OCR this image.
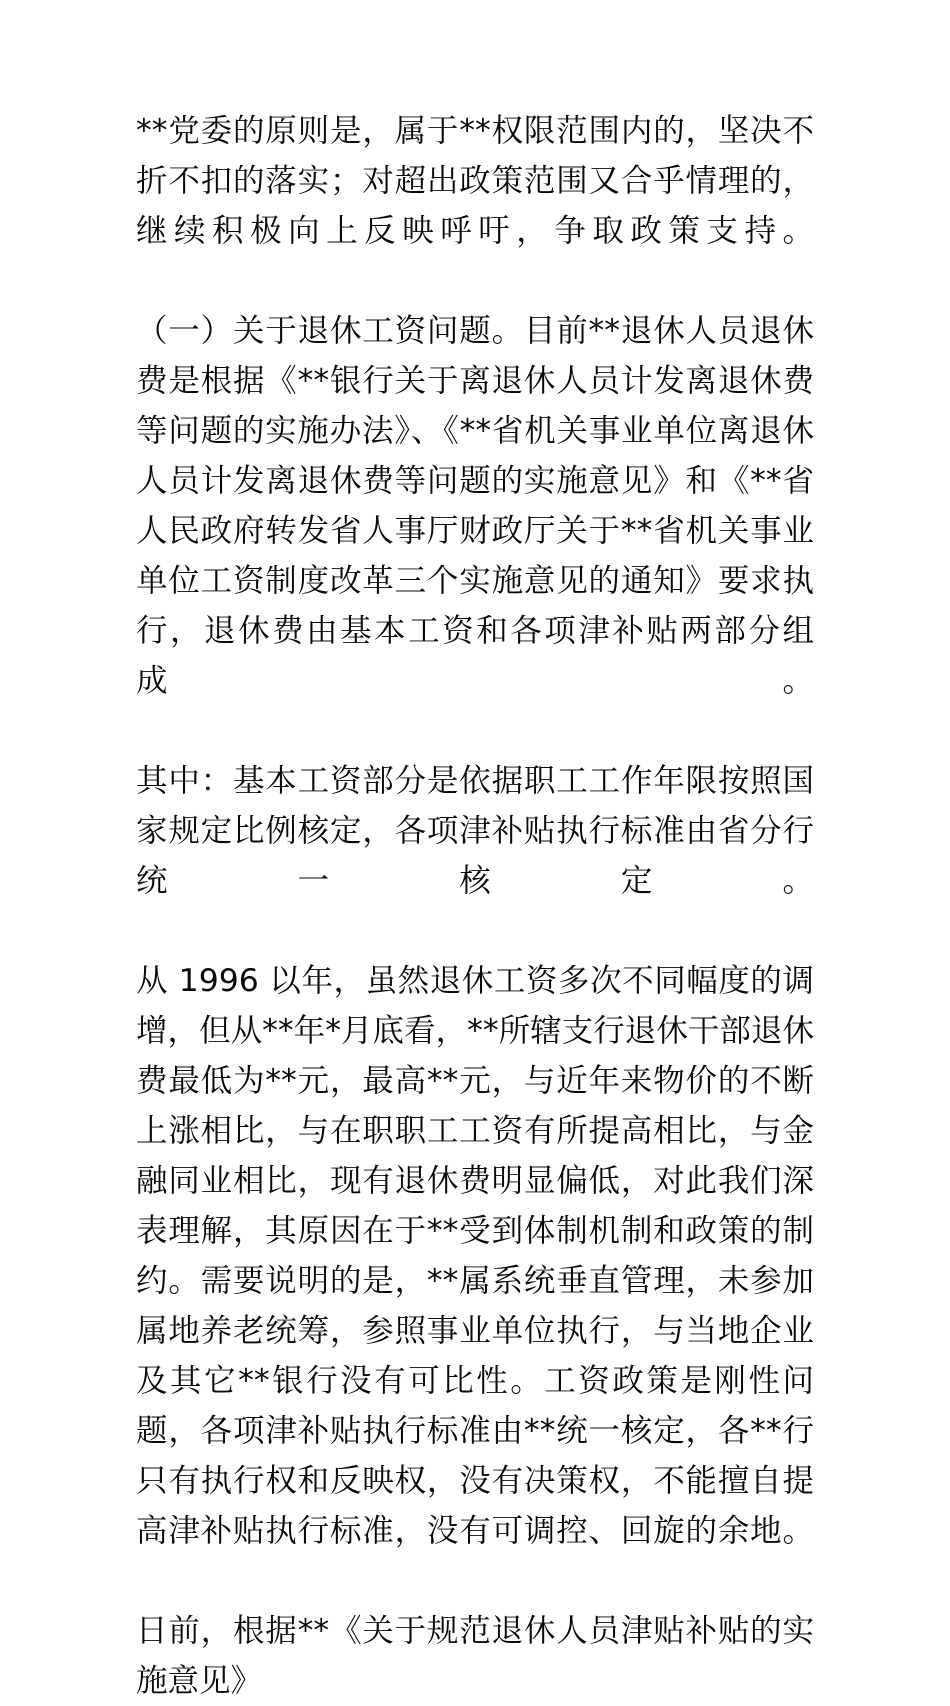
**党委的原则是，属于**权限范围内的，坚决不折不扣的落实；对超出政策范围又合乎情理的，继续积极向上反映呼吁，争取政策支持。

（一）关于退休工资问题。目前**退休人员退休费是根据《**银行关于离退休人员计发离退休费等问题的实施办法》、《**省机关事业单位离退休人员计发离退休费等问题的实施意见》和《**省人民政府转发省人事厅财政厅关于**省机关事业单位工资制度改革三个实施意见的通知》要求执行，退休费由基本工资和各项津补贴两部分组成。

其中：基本工资部分是依据职工工作年限按照国家规定比例核定，各项津补贴执行标准由省分行统一核定。

从 1996 以年，虽然退休工资多次不同幅度的调增，但从**年*月底看，**所辖支行退休干部退休费最低为**元，最高**元，与近年来物价的不断上涨相比，与在职职工工资有所提高相比，与金融同业相比，现有退休费明显偏低，对此我们深表理解，其原因在于**受到体制机制和政策的制约。需要说明的是，**属系统垂直管理，未参加属地养老统筹，参照事业单位执行，与当地企业及其它**银行没有可比性。工资政策是刚性问题，各项津补贴执行标准由**统一核定，各**行只有执行权和反映权，没有决策权，不能擅自提高津补贴执行标准，没有可调控、回旋的余地。

日前，根据**《关于规范退休人员津贴补贴的实施意见》
